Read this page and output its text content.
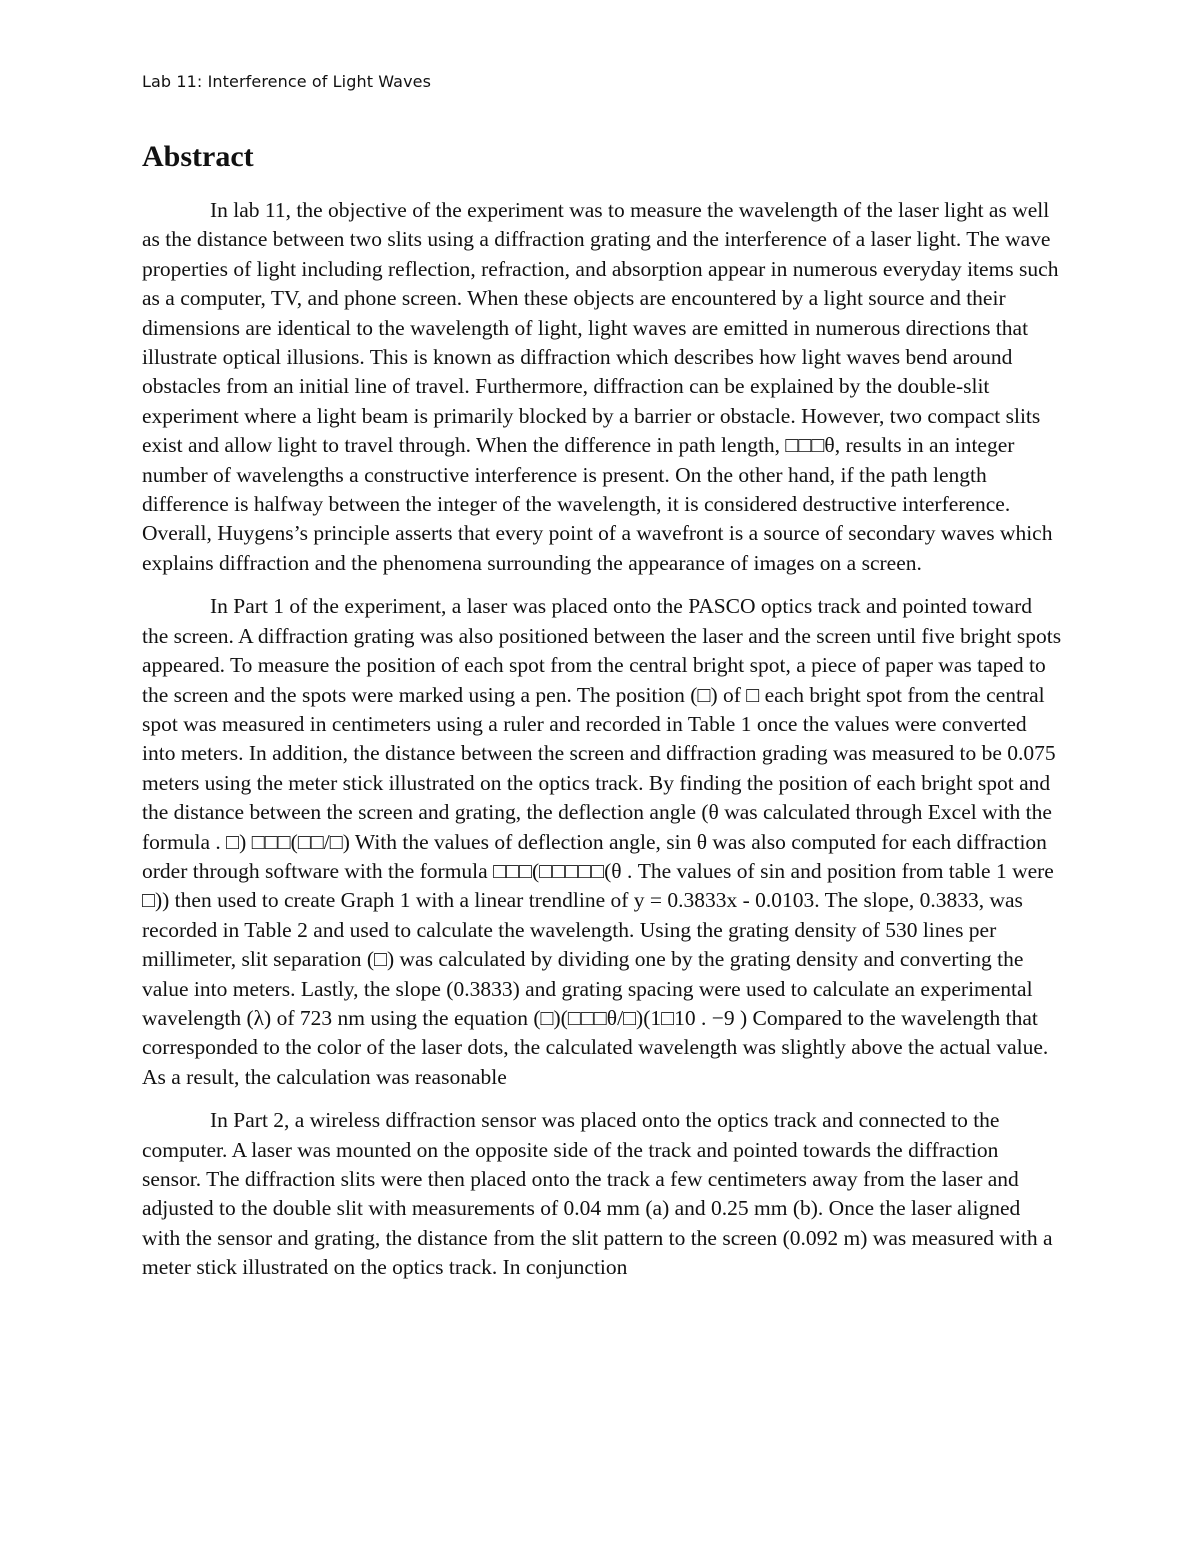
Lab 11: Interference of Light Waves
Abstract

In lab 11, the objective of the experiment was to measure the wavelength of the laser light as well as the distance between two slits using a diffraction grating and the interference of a laser light. The wave properties of light including reflection, refraction, and absorption appear in numerous everyday items such as a computer, TV, and phone screen. When these objects are encountered by a light source and their dimensions are identical to the wavelength of light, light waves are emitted in numerous directions that illustrate optical illusions. This is known as diffraction which describes how light waves bend around obstacles from an initial line of travel. Furthermore, diffraction can be explained by the double-slit experiment where a light beam is primarily blocked by a barrier or obstacle. However, two compact slits exist and allow light to travel through. When the difference in path length, □□□θ, results in an integer number of wavelengths a constructive interference is present. On the other hand, if the path length difference is halfway between the integer of the wavelength, it is considered destructive interference. Overall, Huygens’s principle asserts that every point of a wavefront is a source of secondary waves which explains diffraction and the phenomena surrounding the appearance of images on a screen.

In Part 1 of the experiment, a laser was placed onto the PASCO optics track and pointed toward the screen. A diffraction grating was also positioned between the laser and the screen until five bright spots appeared. To measure the position of each spot from the central bright spot, a piece of paper was taped to the screen and the spots were marked using a pen. The position (□) of □ each bright spot from the central spot was measured in centimeters using a ruler and recorded in Table 1 once the values were converted into meters. In addition, the distance between the screen and diffraction grading was measured to be 0.075 meters using the meter stick illustrated on the optics track. By finding the position of each bright spot and the distance between the screen and grating, the deflection angle (θ was calculated through Excel with the formula . □) □□□(□□/□) With the values of deflection angle, sin θ was also computed for each diffraction order through software with the formula □□□(□□□□□(θ . The values of sin and position from table 1 were □)) then used to create Graph 1 with a linear trendline of y = 0.3833x - 0.0103. The slope, 0.3833, was recorded in Table 2 and used to calculate the wavelength. Using the grating density of 530 lines per millimeter, slit separation (□) was calculated by dividing one by the grating density and converting the value into meters. Lastly, the slope (0.3833) and grating spacing were used to calculate an experimental wavelength (λ) of 723 nm using the equation (□)(□□□θ/□)(1□10 . −9 ) Compared to the wavelength that corresponded to the color of the laser dots, the calculated wavelength was slightly above the actual value. As a result, the calculation was reasonable

In Part 2, a wireless diffraction sensor was placed onto the optics track and connected to the computer. A laser was mounted on the opposite side of the track and pointed towards the diffraction sensor. The diffraction slits were then placed onto the track a few centimeters away from the laser and adjusted to the double slit with measurements of 0.04 mm (a) and 0.25 mm (b). Once the laser aligned with the sensor and grating, the distance from the slit pattern to the screen (0.092 m) was measured with a meter stick illustrated on the optics track. In conjunction
